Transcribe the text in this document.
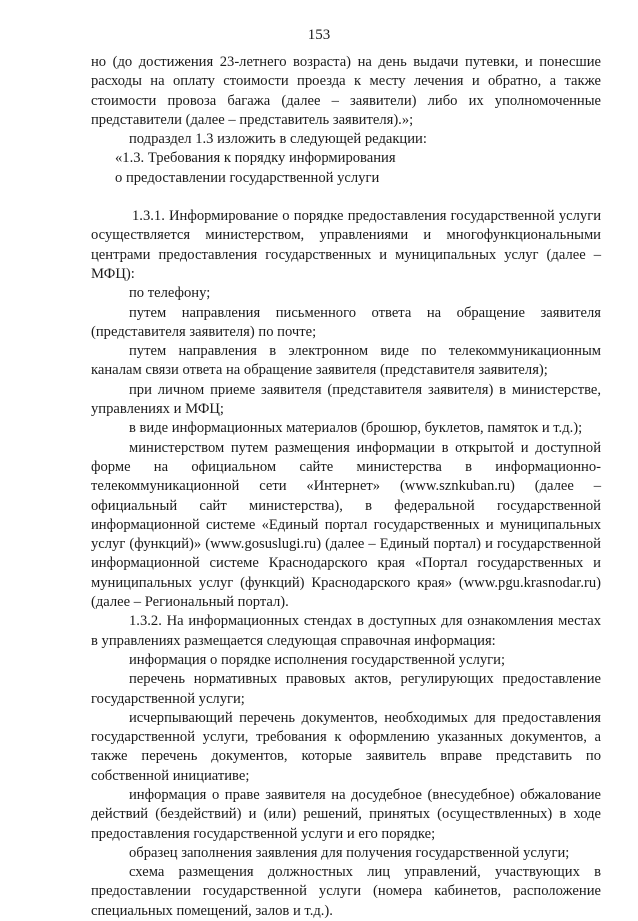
153

но (до достижения 23-летнего возраста) на день выдачи путевки, и понесшие расходы на оплату стоимости проезда к месту лечения и обратно, а также стоимости провоза багажа (далее – заявители) либо их уполномоченные представители (далее – представитель заявителя).»;

подраздел 1.3 изложить в следующей редакции:

«1.3. Требования к порядку информирования

о предоставлении государственной услуги

1.3.1. Информирование о порядке предоставления государственной услуги осуществляется министерством, управлениями и многофункциональными центрами предоставления государственных и муниципальных услуг (далее – МФЦ):

по телефону;

путем направления письменного ответа на обращение заявителя (представителя заявителя) по почте;

путем направления в электронном виде по телекоммуникационным каналам связи ответа на обращение заявителя (представителя заявителя);

при личном приеме заявителя (представителя заявителя) в министерстве, управлениях и МФЦ;

в виде информационных материалов (брошюр, буклетов, памяток и т.д.);

министерством путем размещения информации в открытой и доступной форме на официальном сайте министерства в информационно-телекоммуникационной сети «Интернет» (www.sznkuban.ru) (далее – официальный сайт министерства), в федеральной государственной информационной системе «Единый портал государственных и муниципальных услуг (функций)» (www.gosuslugi.ru) (далее – Единый портал) и государственной информационной системе Краснодарского края «Портал государственных и муниципальных услуг (функций) Краснодарского края» (www.pgu.krasnodar.ru) (далее – Региональный портал).

1.3.2. На информационных стендах в доступных для ознакомления местах в управлениях размещается следующая справочная информация:

информация о порядке исполнения государственной услуги;

перечень нормативных правовых актов, регулирующих предоставление государственной услуги;

исчерпывающий перечень документов, необходимых для предоставления государственной услуги, требования к оформлению указанных документов, а также перечень документов, которые заявитель вправе представить по собственной инициативе;

информация о праве заявителя на досудебное (внесудебное) обжалование действий (бездействий) и (или) решений, принятых (осуществленных) в ходе предоставления государственной услуги и его порядке;

образец заполнения заявления для получения государственной услуги;

схема размещения должностных лиц управлений, участвующих в предоставлении государственной услуги (номера кабинетов, расположение специальных помещений, залов и т.д.).
